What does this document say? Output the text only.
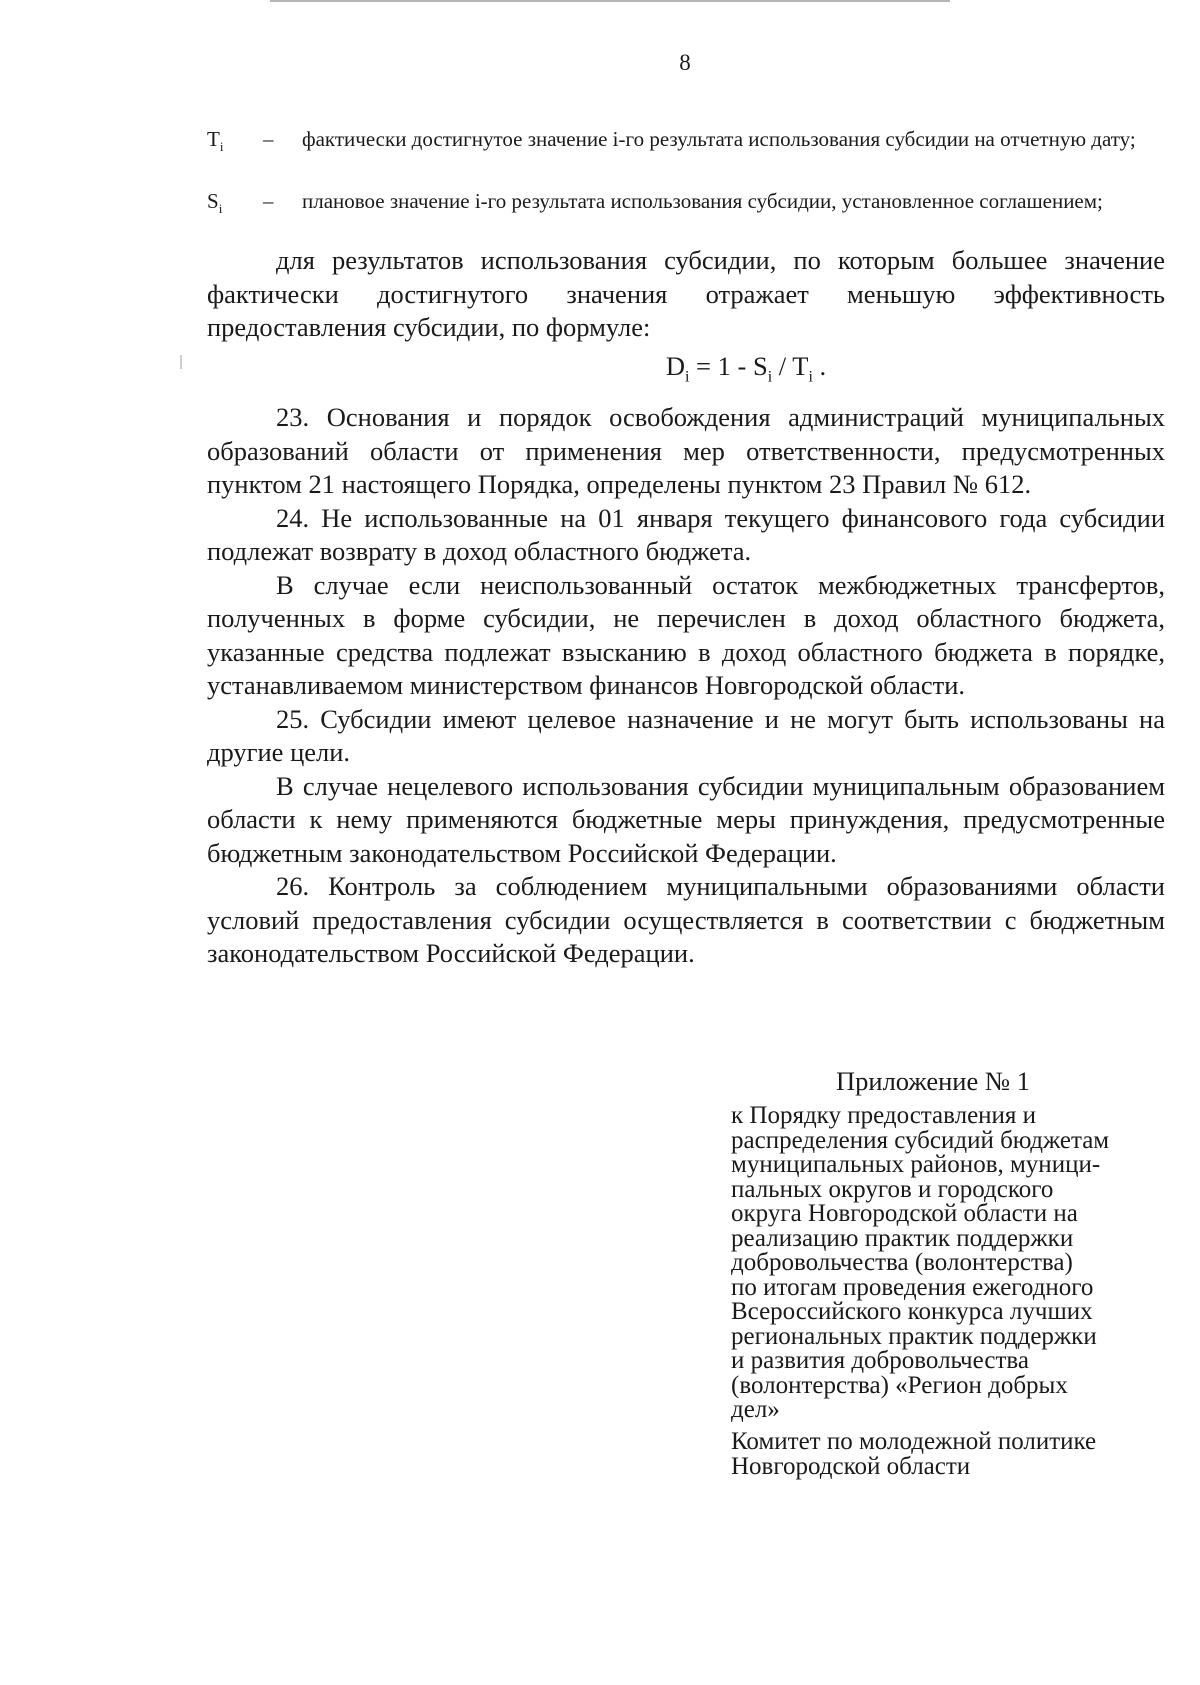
8
$T_i$ – фактически достигнутое значение i-го результата использования субсидии на отчетную дату;
$S_i$ – плановое значение i-го результата использования субсидии, установленное соглашением;

для результатов использования субсидии, по которым большее значение фактически достигнутого значения отражает меньшую эффективность предоставления субсидии, по формуле:

$D_i = 1 - S_i / T_i$ .

23. Основания и порядок освобождения администраций муниципальных образований области от применения мер ответственности, предусмотренных пунктом 21 настоящего Порядка, определены пунктом 23 Правил № 612.

24. Не использованные на 01 января текущего финансового года субсидии подлежат возврату в доход областного бюджета.

В случае если неиспользованный остаток межбюджетных трансфертов, полученных в форме субсидии, не перечислен в доход областного бюджета, указанные средства подлежат взысканию в доход областного бюджета в порядке, устанавливаемом министерством финансов Новгородской области.

25. Субсидии имеют целевое назначение и не могут быть использованы на другие цели.

В случае нецелевого использования субсидии муниципальным образованием области к нему применяются бюджетные меры принуждения, предусмотренные бюджетным законодательством Российской Федерации.

26. Контроль за соблюдением муниципальными образованиями области условий предоставления субсидии осуществляется в соответствии с бюджетным законодательством Российской Федерации.

Приложение № 1
к Порядку предоставления и
распределения субсидий бюджетам
муниципальных районов, муници-
пальных округов и городского
округа Новгородской области на
реализацию практик поддержки
добровольчества (волонтерства)
по итогам проведения ежегодного
Всероссийского конкурса лучших
региональных практик поддержки
и развития добровольчества
(волонтерства) «Регион добрых
дел»
Комитет по молодежной политике
Новгородской области
